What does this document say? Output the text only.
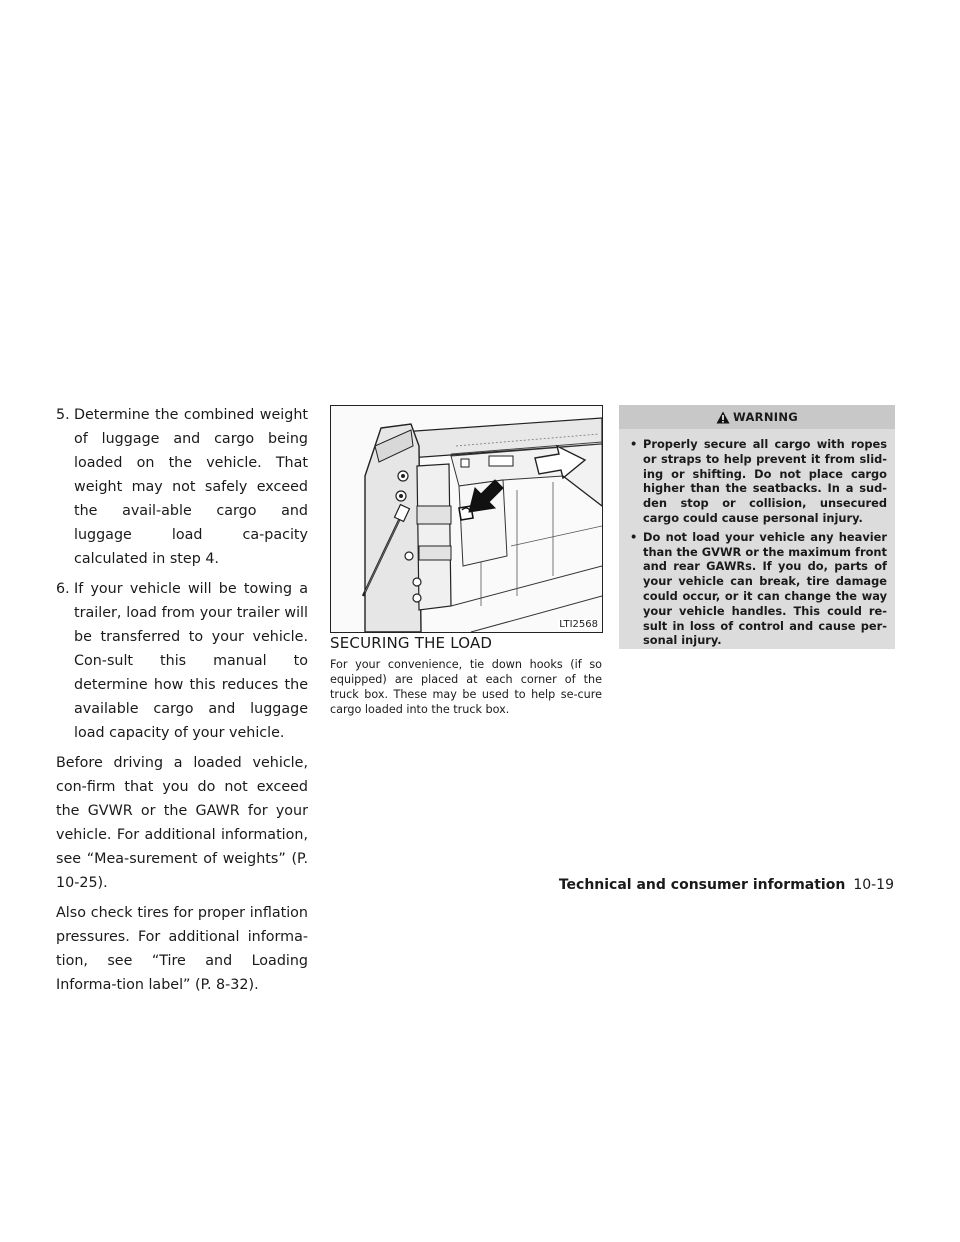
5. Determine the combined weight of luggage and cargo being loaded on the vehicle. That weight may not safely exceed the avail-able cargo and luggage load ca-pacity calculated in step 4.
6. If your vehicle will be towing a trailer, load from your trailer will be transferred to your vehicle. Con-sult this manual to determine how this reduces the available cargo and luggage load capacity of your vehicle.

Before driving a loaded vehicle, con-firm that you do not exceed the GVWR or the GAWR for your vehicle. For additional information, see “Mea-surement of weights” (P. 10-25).

Also check tires for proper inflation pressures. For additional informa-tion, see “Tire and Loading Informa-tion label” (P. 8-32).

LTI2568
SECURING THE LOAD

For your convenience, tie down hooks (if so equipped) are placed at each corner of the truck box. These may be used to help se-cure cargo loaded into the truck box.

WARNING
• Properly secure all cargo with ropes or straps to help prevent it from slid-ing or shifting. Do not place cargo higher than the seatbacks. In a sud-den stop or collision, unsecured cargo could cause personal injury.
• Do not load your vehicle any heavier than the GVWR or the maximum front and rear GAWRs. If you do, parts of your vehicle can break, tire damage could occur, or it can change the way your vehicle handles. This could re-sult in loss of control and cause per-sonal injury.
Technical and consumer information 10-19
